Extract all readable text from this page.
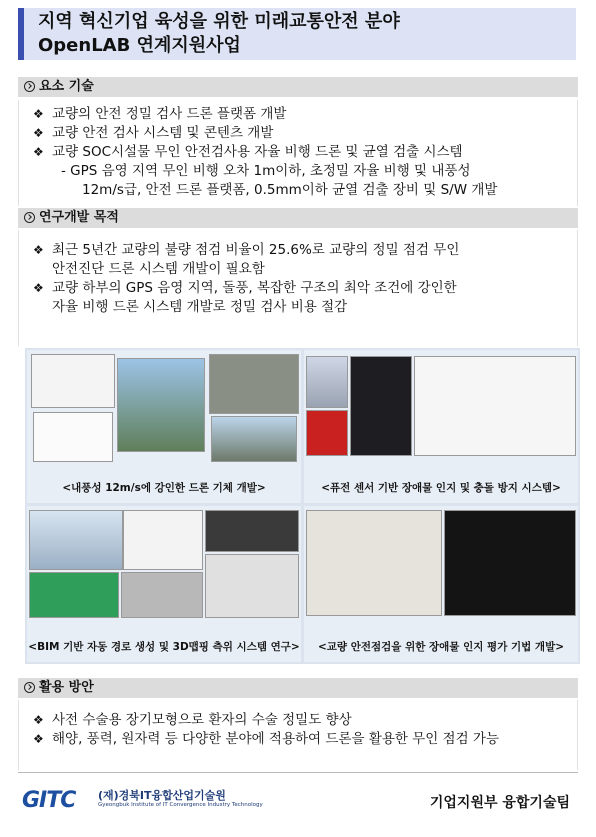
지역 혁신기업 육성을 위한 미래교통안전 분야
OpenLAB 연계지원사업
요소 기술
❖ 교량의 안전 정밀 검사 드론 플랫폼 개발
❖ 교량 안전 검사 시스템 및 콘텐츠 개발
❖ 교량 SOC시설물 무인 안전검사용 자율 비행 드론 및 균열 검출 시스템
- GPS 음영 지역 무인 비행 오차 1m이하, 초정밀 자율 비행 및 내풍성
12m/s급, 안전 드론 플랫폼, 0.5mm이하 균열 검출 장비 및 S/W 개발
연구개발 목적
❖ 최근 5년간 교량의 불량 점검 비율이 25.6%로 교량의 정밀 점검 무인
안전진단 드론 시스템 개발이 필요함
❖ 교량 하부의 GPS 음영 지역, 돌풍, 복잡한 구조의 최악 조건에 강인한
자율 비행 드론 시스템 개발로 정밀 검사 비용 절감
<내풍성 12m/s에 강인한 드론 기체 개발>	<퓨전 센서 기반 장애물 인지 및 충돌 방지 시스템>
<BIM 기반 자동 경로 생성 및 3D맵핑 측위 시스템 연구>	<교량 안전점검을 위한 장애물 인지 평가 기법 개발>
활용 방안
❖ 사전 수술용 장기모형으로 환자의 수술 정밀도 향상
❖ 해양, 풍력, 원자력 등 다양한 분야에 적용하여 드론을 활용한 무인 점검 가능
GITC (재)경북IT융합산업기술원
Gyeongbuk Institute of IT Convergence Industry Technology	기업지원부 융합기술팀
